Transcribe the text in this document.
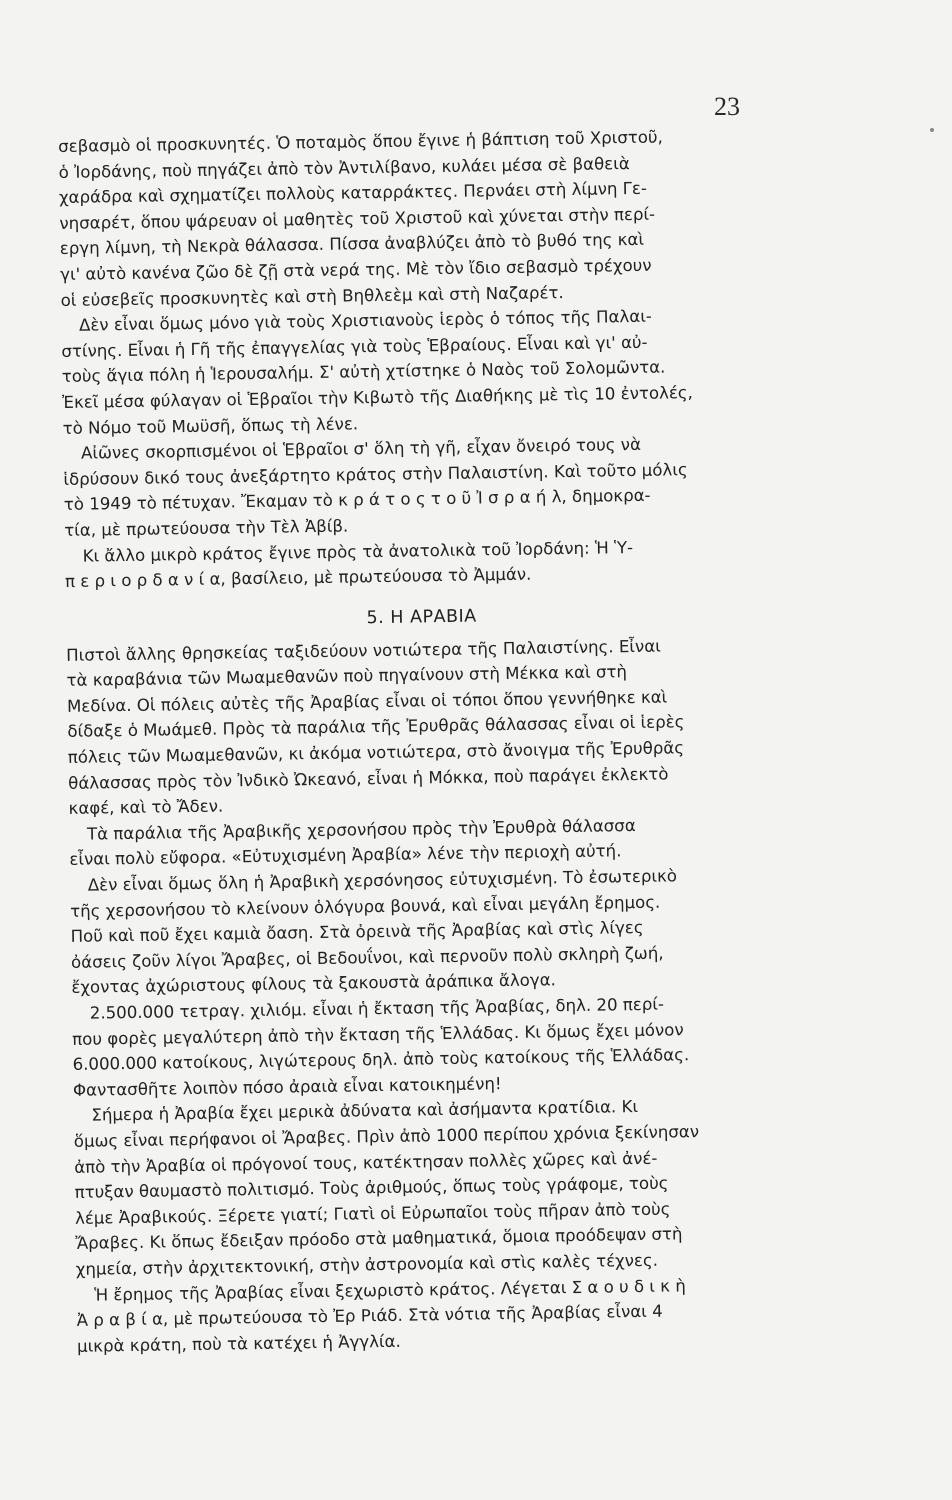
23
σεβασμὸ οἱ προσκυνητές. Ὁ ποταμὸς ὅπου ἔγινε ἡ βάπτιση τοῦ Χριστοῦ,
ὁ Ἰορδάνης, ποὺ πηγάζει ἀπὸ τὸν Ἀντιλίβανο, κυλάει μέσα σὲ βαθειὰ
χαράδρα καὶ σχηματίζει πολλοὺς καταρράκτες. Περνάει στὴ λίμνη Γε-
νησαρέτ, ὅπου ψάρευαν οἱ μαθητὲς τοῦ Χριστοῦ καὶ χύνεται στὴν περί-
εργη λίμνη, τὴ Νεκρὰ θάλασσα. Πίσσα ἀναβλύζει ἀπὸ τὸ βυθό της καὶ
γι' αὐτὸ κανένα ζῶο δὲ ζῇ στὰ νερά της. Μὲ τὸν ἴδιο σεβασμὸ τρέχουν
οἱ εὐσεβεῖς προσκυνητὲς καὶ στὴ Βηθλεὲμ καὶ στὴ Ναζαρέτ.
Δὲν εἶναι ὅμως μόνο γιὰ τοὺς Χριστιανοὺς ἱερὸς ὁ τόπος τῆς Παλαι-
στίνης. Εἶναι ἡ Γῆ τῆς ἐπαγγελίας γιὰ τοὺς Ἑβραίους. Εἶναι καὶ γι' αὐ-
τοὺς ἅγια πόλη ἡ Ἱερουσαλήμ. Σ' αὐτὴ χτίστηκε ὁ Ναὸς τοῦ Σολομῶντα.
Ἐκεῖ μέσα φύλαγαν οἱ Ἑβραῖοι τὴν Κιβωτὸ τῆς Διαθήκης μὲ τὶς 10 ἐντολές,
τὸ Νόμο τοῦ Μωϋσῆ, ὅπως τὴ λένε.
Αἰῶνες σκορπισμένοι οἱ Ἑβραῖοι σ' ὅλη τὴ γῆ, εἶχαν ὄνειρό τους νὰ
ἱδρύσουν δικό τους ἀνεξάρτητο κράτος στὴν Παλαιστίνη. Καὶ τοῦτο μόλις
τὸ 1949 τὸ πέτυχαν. Ἔκαμαν τὸ κ ρ ά τ ο ς τ ο ῦ Ἰ σ ρ α ή λ, δημοκρα-
τία, μὲ πρωτεύουσα τὴν Τὲλ Ἀβίβ.
Κι ἄλλο μικρὸ κράτος ἔγινε πρὸς τὰ ἀνατολικὰ τοῦ Ἰορδάνη: Ἡ Ὑ-
π ε ρ ι ο ρ δ α ν ί α, βασίλειο, μὲ πρωτεύουσα τὸ Ἀμμάν.
5. Η ΑΡΑΒΙΑ
Πιστοὶ ἄλλης θρησκείας ταξιδεύουν νοτιώτερα τῆς Παλαιστίνης. Εἶναι
τὰ καραβάνια τῶν Μωαμεθανῶν ποὺ πηγαίνουν στὴ Μέκκα καὶ στὴ
Μεδίνα. Οἱ πόλεις αὐτὲς τῆς Ἀραβίας εἶναι οἱ τόποι ὅπου γεννήθηκε καὶ
δίδαξε ὁ Μωάμεθ. Πρὸς τὰ παράλια τῆς Ἐρυθρᾶς θάλασσας εἶναι οἱ ἱερὲς
πόλεις τῶν Μωαμεθανῶν, κι ἀκόμα νοτιώτερα, στὸ ἄνοιγμα τῆς Ἐρυθρᾶς
θάλασσας πρὸς τὸν Ἰνδικὸ Ὠκεανό, εἶναι ἡ Μόκκα, ποὺ παράγει ἐκλεκτὸ
καφέ, καὶ τὸ Ἄδεν.
Τὰ παράλια τῆς Ἀραβικῆς χερσονήσου πρὸς τὴν Ἐρυθρὰ θάλασσα
εἶναι πολὺ εὔφορα. «Εὐτυχισμένη Ἀραβία» λένε τὴν περιοχὴ αὐτή.
Δὲν εἶναι ὅμως ὅλη ἡ Ἀραβικὴ χερσόνησος εὐτυχισμένη. Τὸ ἐσωτερικὸ
τῆς χερσονήσου τὸ κλείνουν ὁλόγυρα βουνά, καὶ εἶναι μεγάλη ἔρημος.
Ποῦ καὶ ποῦ ἔχει καμιὰ ὄαση. Στὰ ὀρεινὰ τῆς Ἀραβίας καὶ στὶς λίγες
ὀάσεις ζοῦν λίγοι Ἄραβες, οἱ Βεδουΐνοι, καὶ περνοῦν πολὺ σκληρὴ ζωή,
ἔχοντας ἀχώριστους φίλους τὰ ξακουστὰ ἀράπικα ἄλογα.
2.500.000 τετραγ. χιλιόμ. εἶναι ἡ ἔκταση τῆς Ἀραβίας, δηλ. 20 περί-
που φορὲς μεγαλύτερη ἀπὸ τὴν ἔκταση τῆς Ἑλλάδας. Κι ὅμως ἔχει μόνον
6.000.000 κατοίκους, λιγώτερους δηλ. ἀπὸ τοὺς κατοίκους τῆς Ἑλλάδας.
Φαντασθῆτε λοιπὸν πόσο ἀραιὰ εἶναι κατοικημένη!
Σήμερα ἡ Ἀραβία ἔχει μερικὰ ἀδύνατα καὶ ἀσήμαντα κρατίδια. Κι
ὅμως εἶναι περήφανοι οἱ Ἄραβες. Πρὶν ἀπὸ 1000 περίπου χρόνια ξεκίνησαν
ἀπὸ τὴν Ἀραβία οἱ πρόγονοί τους, κατέκτησαν πολλὲς χῶρες καὶ ἀνέ-
πτυξαν θαυμαστὸ πολιτισμό. Τοὺς ἀριθμούς, ὅπως τοὺς γράφομε, τοὺς
λέμε Ἀραβικούς. Ξέρετε γιατί; Γιατὶ οἱ Εὐρωπαῖοι τοὺς πῆραν ἀπὸ τοὺς
Ἄραβες. Κι ὅπως ἔδειξαν πρόοδο στὰ μαθηματικά, ὅμοια προόδεψαν στὴ
χημεία, στὴν ἀρχιτεκτονική, στὴν ἀστρονομία καὶ στὶς καλὲς τέχνες.
Ἡ ἔρημος τῆς Ἀραβίας εἶναι ξεχωριστὸ κράτος. Λέγεται Σ α ο υ δ ι κ ὴ
Ἀ ρ α β ί α, μὲ πρωτεύουσα τὸ Ἐρ Ριάδ. Στὰ νότια τῆς Ἀραβίας εἶναι 4
μικρὰ κράτη, ποὺ τὰ κατέχει ἡ Ἀγγλία.
